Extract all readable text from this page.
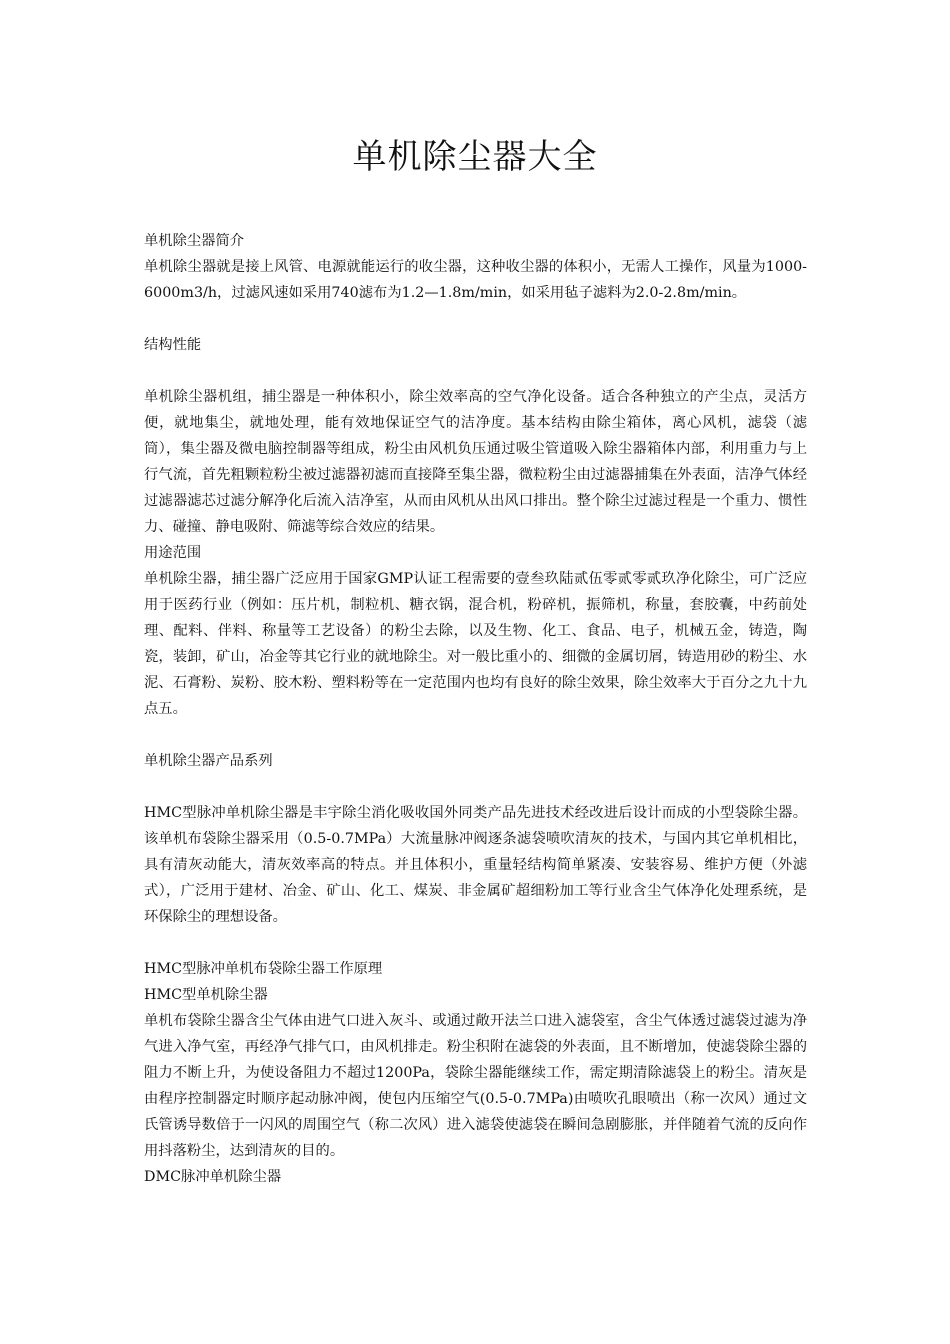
单机除尘器大全

单机除尘器简介

单机除尘器就是接上风管、电源就能运行的收尘器，这种收尘器的体积小，无需人工操作，风量为1000-6000m3/h，过滤风速如采用740滤布为1.2—1.8m/min，如采用毡子滤料为2.0-2.8m/min。

结构性能

单机除尘器机组，捕尘器是一种体积小，除尘效率高的空气净化设备。适合各种独立的产尘点，灵活方便，就地集尘，就地处理，能有效地保证空气的洁净度。基本结构由除尘箱体，离心风机，滤袋（滤筒），集尘器及微电脑控制器等组成，粉尘由风机负压通过吸尘管道吸入除尘器箱体内部，利用重力与上行气流，首先粗颗粒粉尘被过滤器初滤而直接降至集尘器，微粒粉尘由过滤器捕集在外表面，洁净气体经过滤器滤芯过滤分解净化后流入洁净室，从而由风机从出风口排出。整个除尘过滤过程是一个重力、惯性力、碰撞、静电吸附、筛滤等综合效应的结果。

用途范围

单机除尘器，捕尘器广泛应用于国家GMP认证工程需要的壹叁玖陆贰伍零贰零贰玖净化除尘，可广泛应用于医药行业（例如：压片机，制粒机、糖衣锅，混合机，粉碎机，振筛机，称量，套胶囊，中药前处理、配料、伴料、称量等工艺设备）的粉尘去除，以及生物、化工、食品、电子，机械五金，铸造，陶瓷，装卸，矿山，冶金等其它行业的就地除尘。对一般比重小的、细微的金属切屑，铸造用砂的粉尘、水泥、石膏粉、炭粉、胶木粉、塑料粉等在一定范围内也均有良好的除尘效果，除尘效率大于百分之九十九点五。

单机除尘器产品系列

HMC型脉冲单机除尘器是丰宇除尘消化吸收国外同类产品先进技术经改进后设计而成的小型袋除尘器。该单机布袋除尘器采用（0.5-0.7MPa）大流量脉冲阀逐条滤袋喷吹清灰的技术，与国内其它单机相比，具有清灰动能大，清灰效率高的特点。并且体积小，重量轻结构简单紧凑、安装容易、维护方便（外滤式），广泛用于建材、冶金、矿山、化工、煤炭、非金属矿超细粉加工等行业含尘气体净化处理系统，是环保除尘的理想设备。

HMC型脉冲单机布袋除尘器工作原理

HMC型单机除尘器

单机布袋除尘器含尘气体由进气口进入灰斗、或通过敞开法兰口进入滤袋室，含尘气体透过滤袋过滤为净气进入净气室，再经净气排气口，由风机排走。粉尘积附在滤袋的外表面，且不断增加，使滤袋除尘器的阻力不断上升，为使设备阻力不超过1200Pa，袋除尘器能继续工作，需定期清除滤袋上的粉尘。清灰是由程序控制器定时顺序起动脉冲阀，使包内压缩空气(0.5-0.7MPa)由喷吹孔眼喷出（称一次风）通过文氏管诱导数倍于一闪风的周围空气（称二次风）进入滤袋使滤袋在瞬间急剧膨胀，并伴随着气流的反向作用抖落粉尘，达到清灰的目的。

DMC脉冲单机除尘器
